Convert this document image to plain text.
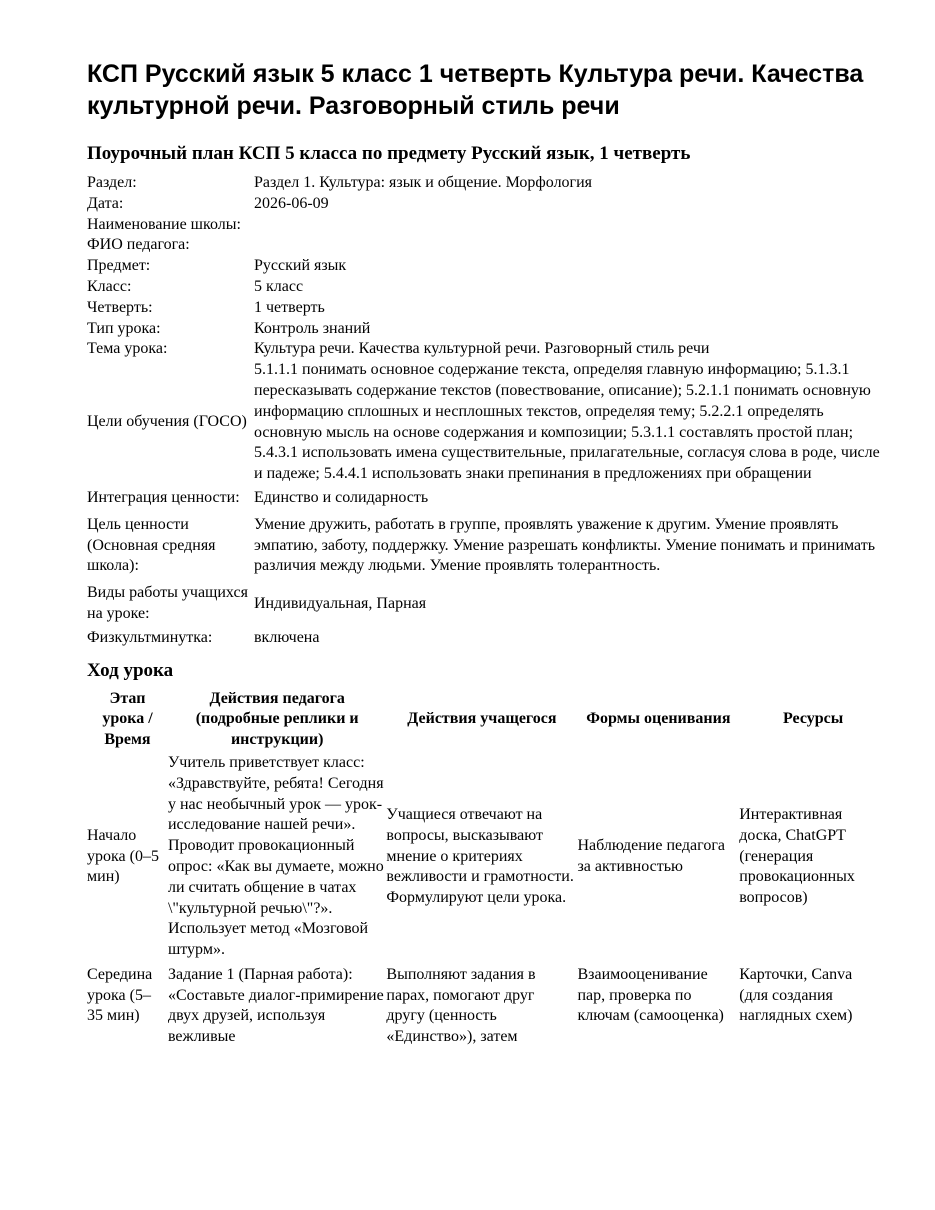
КСП Русский язык 5 класс 1 четверть Культура речи. Качества культурной речи. Разговорный стиль речи
Поурочный план КСП 5 класса по предмету Русский язык, 1 четверть
Раздел:	Раздел 1. Культура: язык и общение. Морфология
Дата:	2026-06-09
Наименование школы:	
ФИО педагога:	
Предмет:	Русский язык
Класс:	5 класс
Четверть:	1 четверть
Тип урока:	Контроль знаний
Тема урока:	Культура речи. Качества культурной речи. Разговорный стиль речи
Цели обучения (ГОСО)	5.1.1.1 понимать основное содержание текста, определяя главную информацию; 5.1.3.1 пересказывать содержание текстов (повествование, описание); 5.2.1.1 понимать основную информацию сплошных и несплошных текстов, определяя тему; 5.2.2.1 определять основную мысль на основе содержания и композиции; 5.3.1.1 составлять простой план; 5.4.3.1 использовать имена существительные, прилагательные, согласуя слова в роде, числе и падеже; 5.4.4.1 использовать знаки препинания в предложениях при обращении
Интеграция ценности:	Единство и солидарность
Цель ценности (Основная средняя школа):	Умение дружить, работать в группе, проявлять уважение к другим. Умение проявлять эмпатию, заботу, поддержку. Умение разрешать конфликты. Умение понимать и принимать различия между людьми. Умение проявлять толерантность.
Виды работы учащихся на уроке:	Индивидуальная, Парная
Физкультминутка:	включена
Ход урока
Этап урока / Время	Действия педагога (подробные реплики и инструкции)	Действия учащегося	Формы оценивания	Ресурсы
Начало урока (0–5 мин)	Учитель приветствует класс: «Здравствуйте, ребята! Сегодня у нас необычный урок — урок-исследование нашей речи». Проводит провокационный опрос: «Как вы думаете, можно ли считать общение в чатах \"культурной речью\"?». Использует метод «Мозговой штурм».	Учащиеся отвечают на вопросы, высказывают мнение о критериях вежливости и грамотности. Формулируют цели урока.	Наблюдение педагога за активностью	Интерактивная доска, ChatGPT (генерация провокационных вопросов)
Середина урока (5–35 мин)	Задание 1 (Парная работа): «Составьте диалог-примирение двух друзей, используя вежливые	Выполняют задания в парах, помогают друг другу (ценность «Единство»), затем	Взаимооценивание пар, проверка по ключам (самооценка)	Карточки, Canva (для создания наглядных схем)
